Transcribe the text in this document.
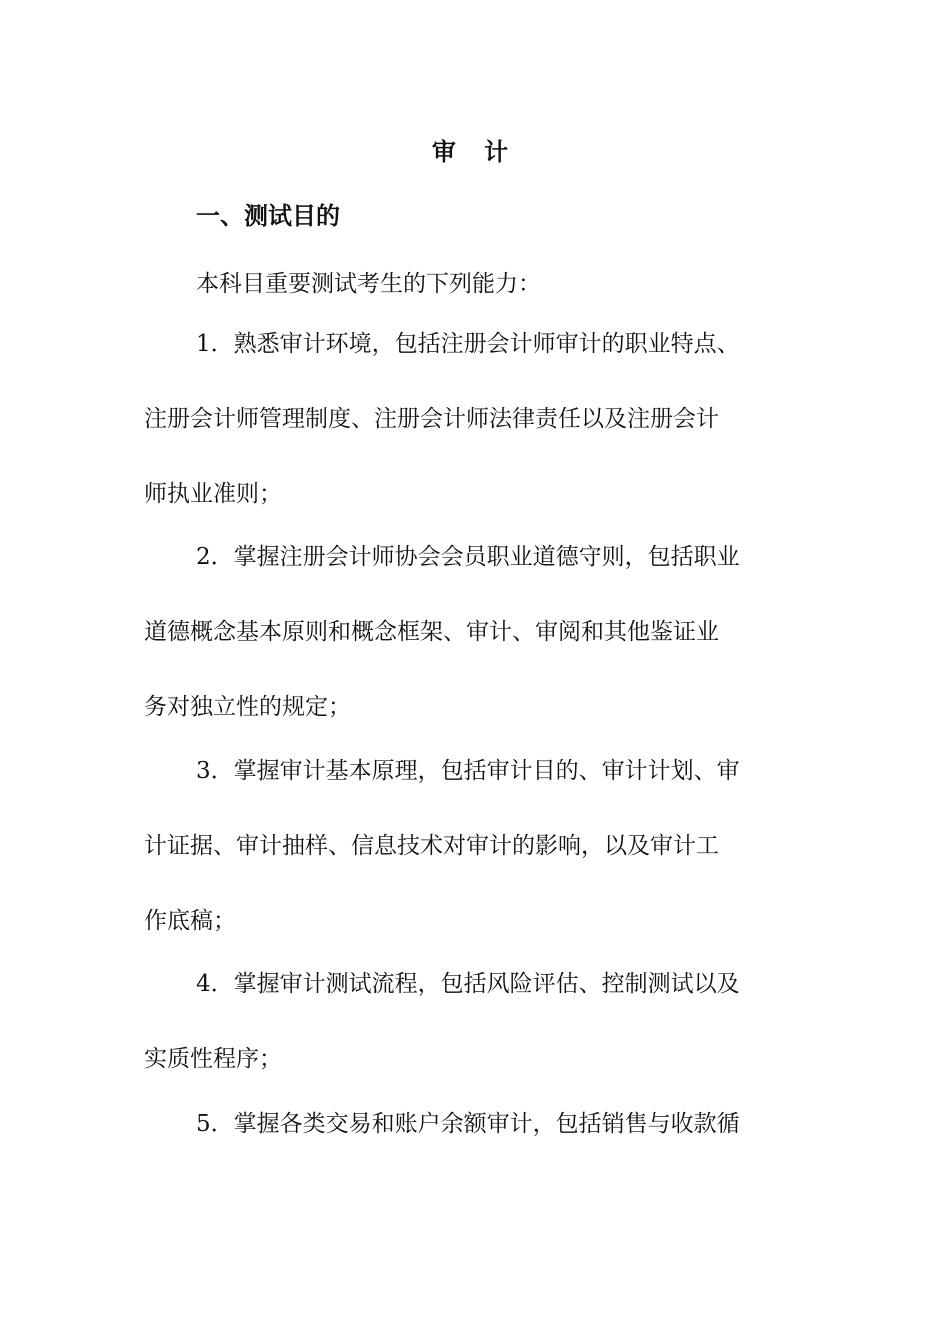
审 计
一、测试目的
本科目重要测试考生的下列能力：
1．熟悉审计环境，包括注册会计师审计的职业特点、
注册会计师管理制度、注册会计师法律责任以及注册会计
师执业准则；
2．掌握注册会计师协会会员职业道德守则，包括职业
道德概念基本原则和概念框架、审计、审阅和其他鉴证业
务对独立性的规定；
3．掌握审计基本原理，包括审计目的、审计计划、审
计证据、审计抽样、信息技术对审计的影响，以及审计工
作底稿；
4．掌握审计测试流程，包括风险评估、控制测试以及
实质性程序；
5．掌握各类交易和账户余额审计，包括销售与收款循
